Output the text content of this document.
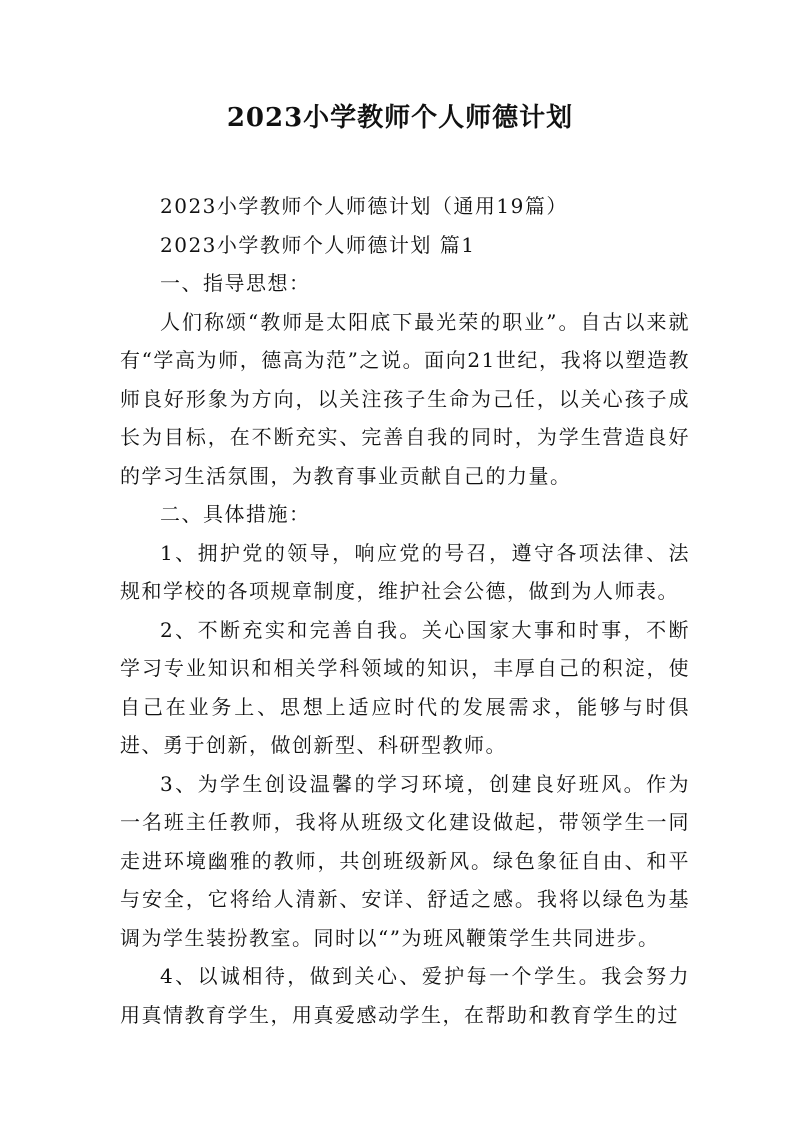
2023小学教师个人师德计划

2023小学教师个人师德计划（通用19篇）

2023小学教师个人师德计划 篇1

一、指导思想：

人们称颂“教师是太阳底下最光荣的职业”。自古以来就有“学高为师，德高为范”之说。面向21世纪，我将以塑造教师良好形象为方向，以关注孩子生命为己任，以关心孩子成长为目标，在不断充实、完善自我的同时，为学生营造良好的学习生活氛围，为教育事业贡献自己的力量。

二、具体措施：

1、拥护党的领导，响应党的号召，遵守各项法律、法规和学校的各项规章制度，维护社会公德，做到为人师表。

2、不断充实和完善自我。关心国家大事和时事，不断学习专业知识和相关学科领域的知识，丰厚自己的积淀，使自己在业务上、思想上适应时代的发展需求，能够与时俱进、勇于创新，做创新型、科研型教师。

3、为学生创设温馨的学习环境，创建良好班风。作为一名班主任教师，我将从班级文化建设做起，带领学生一同走进环境幽雅的教师，共创班级新风。绿色象征自由、和平与安全，它将给人清新、安详、舒适之感。我将以绿色为基调为学生装扮教室。同时以“”为班风鞭策学生共同进步。

4、以诚相待，做到关心、爱护每一个学生。我会努力用真情教育学生，用真爱感动学生，在帮助和教育学生的过
